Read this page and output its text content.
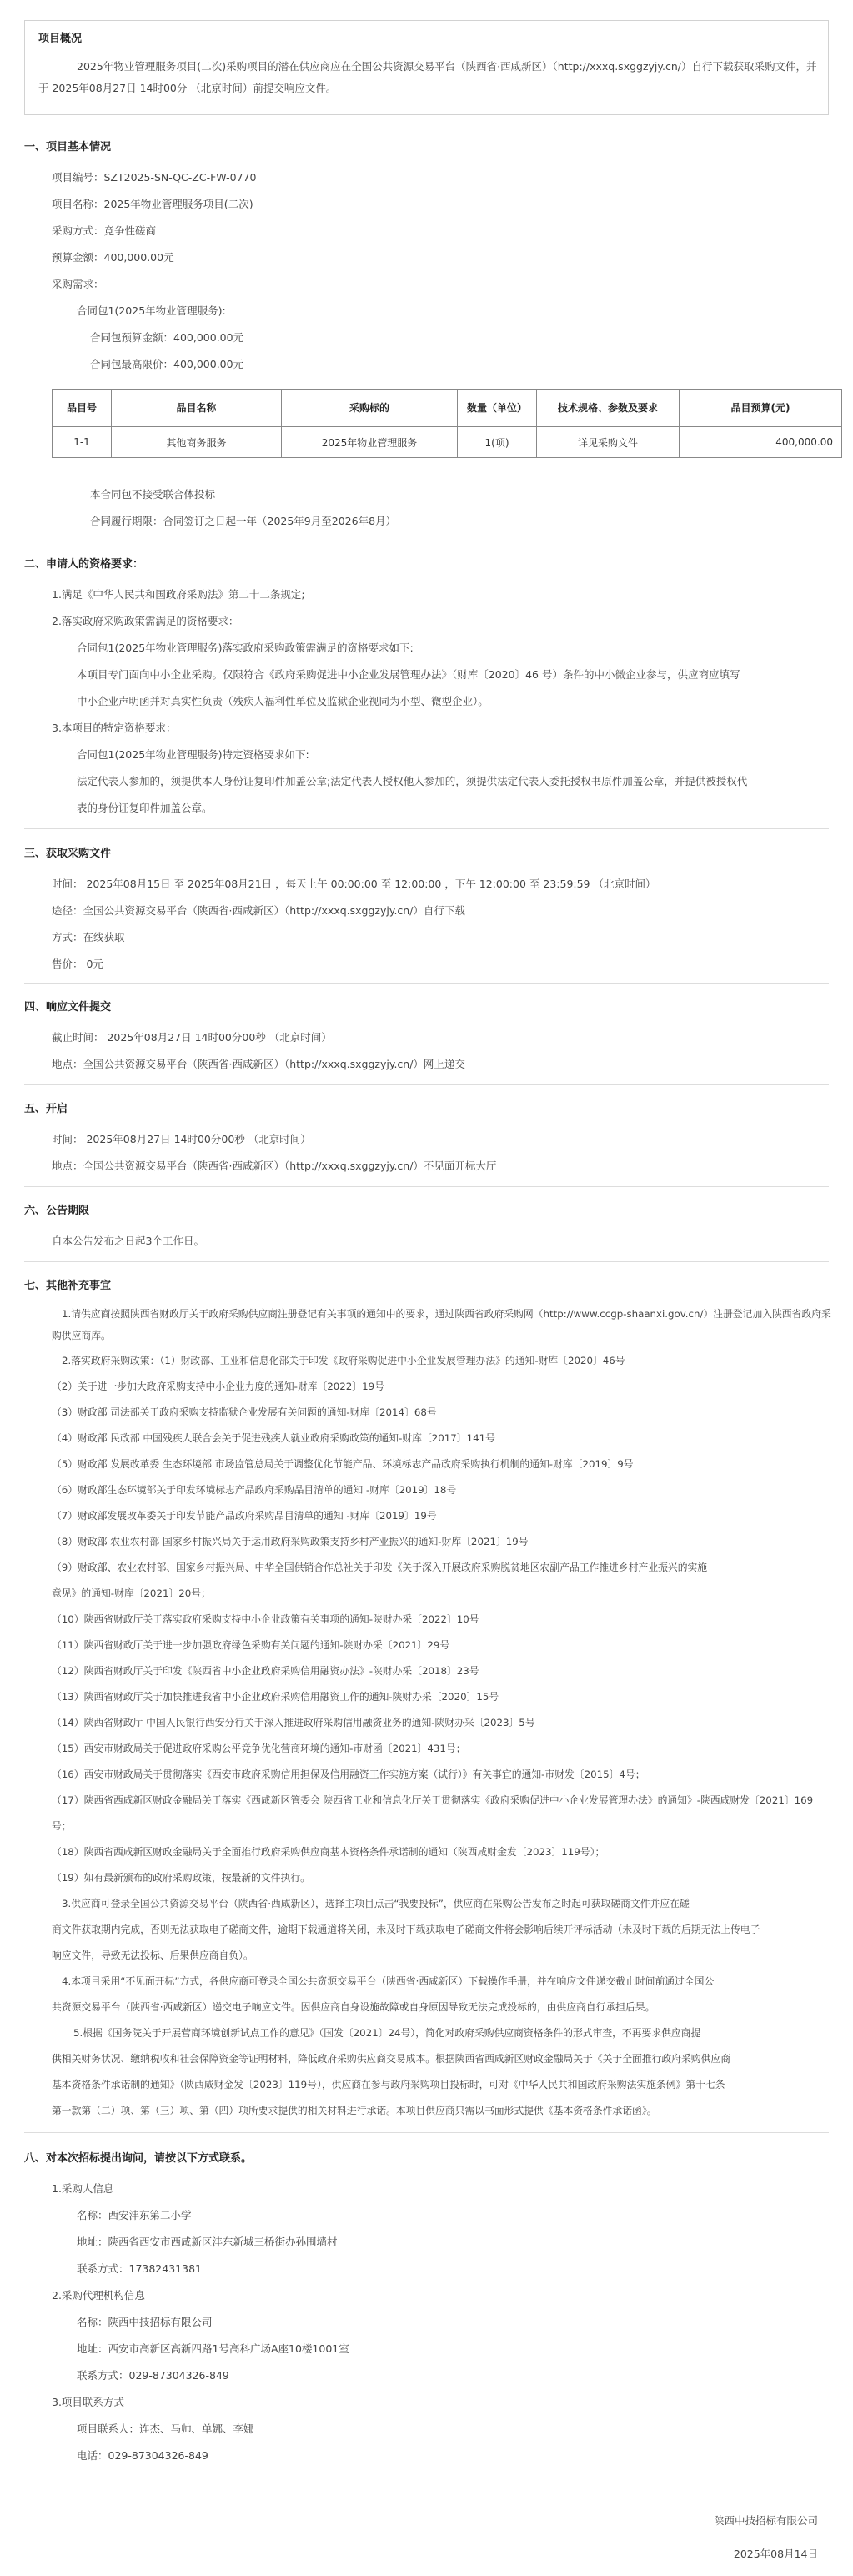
项目概况
2025年物业管理服务项目(二次)采购项目的潜在供应商应在全国公共资源交易平台（陕西省·西咸新区）（http://xxxq.sxggzyjy.cn/）自行下载获取采购文件，并于 2025年08月27日 14时00分 （北京时间）前提交响应文件。
一、项目基本情况
项目编号：SZT2025-SN-QC-ZC-FW-0770
项目名称：2025年物业管理服务项目(二次)
采购方式：竞争性磋商
预算金额：400,000.00元
采购需求：
合同包1(2025年物业管理服务):
合同包预算金额：400,000.00元
合同包最高限价：400,000.00元
品目号	品目名称	采购标的	数量（单位）	技术规格、参数及要求	品目预算(元)
1-1	其他商务服务	2025年物业管理服务	1(项)	详见采购文件	400,000.00
本合同包不接受联合体投标
合同履行期限：合同签订之日起一年（2025年9月至2026年8月）
二、申请人的资格要求：
1.满足《中华人民共和国政府采购法》第二十二条规定;
2.落实政府采购政策需满足的资格要求：
合同包1(2025年物业管理服务)落实政府采购政策需满足的资格要求如下:
本项目专门面向中小企业采购。仅限符合《政府采购促进中小企业发展管理办法》（财库〔2020〕46 号）条件的中小微企业参与，供应商应填写
中小企业声明函并对真实性负责（残疾人福利性单位及监狱企业视同为小型、微型企业）。
3.本项目的特定资格要求：
合同包1(2025年物业管理服务)特定资格要求如下:
法定代表人参加的，须提供本人身份证复印件加盖公章;法定代表人授权他人参加的，须提供法定代表人委托授权书原件加盖公章，并提供被授权代
表的身份证复印件加盖公章。
三、获取采购文件
时间： 2025年08月15日 至 2025年08月21日 ，每天上午 00:00:00 至 12:00:00 ，下午 12:00:00 至 23:59:59 （北京时间）
途径：全国公共资源交易平台（陕西省·西咸新区）（http://xxxq.sxggzyjy.cn/）自行下载
方式：在线获取
售价： 0元
四、响应文件提交
截止时间： 2025年08月27日 14时00分00秒 （北京时间）
地点：全国公共资源交易平台（陕西省·西咸新区）（http://xxxq.sxggzyjy.cn/）网上递交
五、开启
时间： 2025年08月27日 14时00分00秒 （北京时间）
地点：全国公共资源交易平台（陕西省·西咸新区）（http://xxxq.sxggzyjy.cn/）不见面开标大厅
六、公告期限
自本公告发布之日起3个工作日。
七、其他补充事宜
1.请供应商按照陕西省财政厅关于政府采购供应商注册登记有关事项的通知中的要求，通过陕西省政府采购网（http://www.ccgp-shaanxi.gov.cn/）注册登记加入陕西省政府采购供应商库。
2.落实政府采购政策：（1）财政部、工业和信息化部关于印发《政府采购促进中小企业发展管理办法》的通知-财库〔2020〕46号
（2）关于进一步加大政府采购支持中小企业力度的通知-财库〔2022〕19号
（3）财政部 司法部关于政府采购支持监狱企业发展有关问题的通知-财库〔2014〕68号
（4）财政部 民政部 中国残疾人联合会关于促进残疾人就业政府采购政策的通知-财库〔2017〕141号
（5）财政部 发展改革委 生态环境部 市场监管总局关于调整优化节能产品、环境标志产品政府采购执行机制的通知-财库〔2019〕9号
（6）财政部生态环境部关于印发环境标志产品政府采购品目清单的通知 -财库〔2019〕18号
（7）财政部发展改革委关于印发节能产品政府采购品目清单的通知 -财库〔2019〕19号
（8）财政部 农业农村部 国家乡村振兴局关于运用政府采购政策支持乡村产业振兴的通知-财库〔2021〕19号
（9）财政部、农业农村部、国家乡村振兴局、中华全国供销合作总社关于印发《关于深入开展政府采购脱贫地区农副产品工作推进乡村产业振兴的实施
意见》的通知-财库〔2021〕20号；
（10）陕西省财政厅关于落实政府采购支持中小企业政策有关事项的通知-陕财办采〔2022〕10号
（11）陕西省财政厅关于进一步加强政府绿色采购有关问题的通知-陕财办采〔2021〕29号
（12）陕西省财政厅关于印发《陕西省中小企业政府采购信用融资办法》-陕财办采〔2018〕23号
（13）陕西省财政厅关于加快推进我省中小企业政府采购信用融资工作的通知-陕财办采〔2020〕15号
（14）陕西省财政厅 中国人民银行西安分行关于深入推进政府采购信用融资业务的通知-陕财办采〔2023〕5号
（15）西安市财政局关于促进政府采购公平竞争优化营商环境的通知-市财函〔2021〕431号；
（16）西安市财政局关于贯彻落实《西安市政府采购信用担保及信用融资工作实施方案（试行）》有关事宜的通知-市财发〔2015〕4号；
（17）陕西省西咸新区财政金融局关于落实《西咸新区管委会 陕西省工业和信息化厅关于贯彻落实《政府采购促进中小企业发展管理办法》的通知》-陕西咸财发〔2021〕169
号；
（18）陕西省西咸新区财政金融局关于全面推行政府采购供应商基本资格条件承诺制的通知（陕西咸财金发〔2023〕119号）；
（19）如有最新颁布的政府采购政策，按最新的文件执行。
3.供应商可登录全国公共资源交易平台（陕西省·西咸新区），选择主项目点击“我要投标”，供应商在采购公告发布之时起可获取磋商文件并应在磋
商文件获取期内完成，否则无法获取电子磋商文件，逾期下载通道将关闭，未及时下载获取电子磋商文件将会影响后续开评标活动（未及时下载的后期无法上传电子
响应文件，导致无法投标、后果供应商自负）。
4.本项目采用“不见面开标”方式，各供应商可登录全国公共资源交易平台（陕西省·西咸新区）下载操作手册，并在响应文件递交截止时间前通过全国公
共资源交易平台（陕西省·西咸新区）递交电子响应文件。因供应商自身设施故障或自身原因导致无法完成投标的，由供应商自行承担后果。
5.根据《国务院关于开展营商环境创新试点工作的意见》（国发〔2021〕24号），简化对政府采购供应商资格条件的形式审查，不再要求供应商提
供相关财务状况、缴纳税收和社会保障资金等证明材料，降低政府采购供应商交易成本。根据陕西省西咸新区财政金融局关于《关于全面推行政府采购供应商
基本资格条件承诺制的通知》（陕西咸财金发〔2023〕119号），供应商在参与政府采购项目投标时，可对《中华人民共和国政府采购法实施条例》第十七条
第一款第（二）项、第（三）项、第（四）项所要求提供的相关材料进行承诺。本项目供应商只需以书面形式提供《基本资格条件承诺函》。
八、对本次招标提出询问，请按以下方式联系。
1.采购人信息
名称：西安沣东第二小学
地址：陕西省西安市西咸新区沣东新城三桥街办孙围墙村
联系方式：17382431381
2.采购代理机构信息
名称：陕西中技招标有限公司
地址：西安市高新区高新四路1号高科广场A座10楼1001室
联系方式：029-87304326-849
3.项目联系方式
项目联系人：连杰、马帅、单娜、李娜
电话：029-87304326-849
陕西中技招标有限公司
2025年08月14日
